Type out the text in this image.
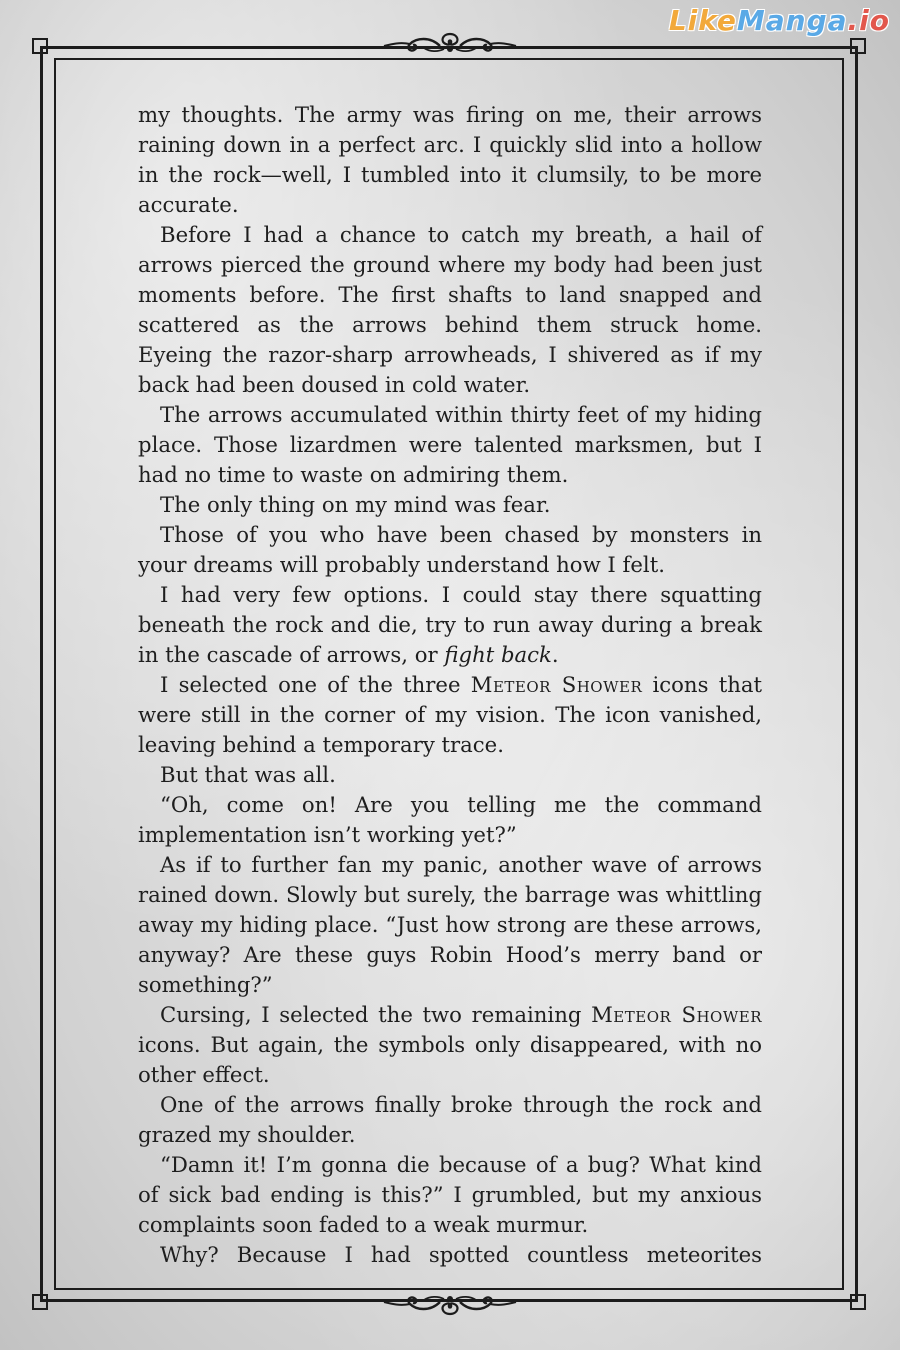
LikeManga.io

my thoughts. The army was firing on me, their arrows raining down in a perfect arc. I quickly slid into a hollow in the rock—well, I tumbled into it clumsily, to be more accurate.

Before I had a chance to catch my breath, a hail of arrows pierced the ground where my body had been just moments before. The first shafts to land snapped and scattered as the arrows behind them struck home. Eyeing the razor-sharp arrowheads, I shivered as if my back had been doused in cold water.

The arrows accumulated within thirty feet of my hiding place. Those lizardmen were talented marksmen, but I had no time to waste on admiring them.

The only thing on my mind was fear.

Those of you who have been chased by monsters in your dreams will probably understand how I felt.

I had very few options. I could stay there squatting beneath the rock and die, try to run away during a break in the cascade of arrows, or fight back.

I selected one of the three Meteor Shower icons that were still in the corner of my vision. The icon vanished, leaving behind a temporary trace.

But that was all.

“Oh, come on! Are you telling me the command implementation isn’t working yet?”

As if to further fan my panic, another wave of arrows rained down. Slowly but surely, the barrage was whittling away my hiding place. “Just how strong are these arrows, anyway? Are these guys Robin Hood’s merry band or something?”

Cursing, I selected the two remaining Meteor Shower icons. But again, the symbols only disappeared, with no other effect.

One of the arrows finally broke through the rock and grazed my shoulder.

“Damn it! I’m gonna die because of a bug? What kind of sick bad ending is this?” I grumbled, but my anxious complaints soon faded to a weak murmur.

Why? Because I had spotted countless meteorites
